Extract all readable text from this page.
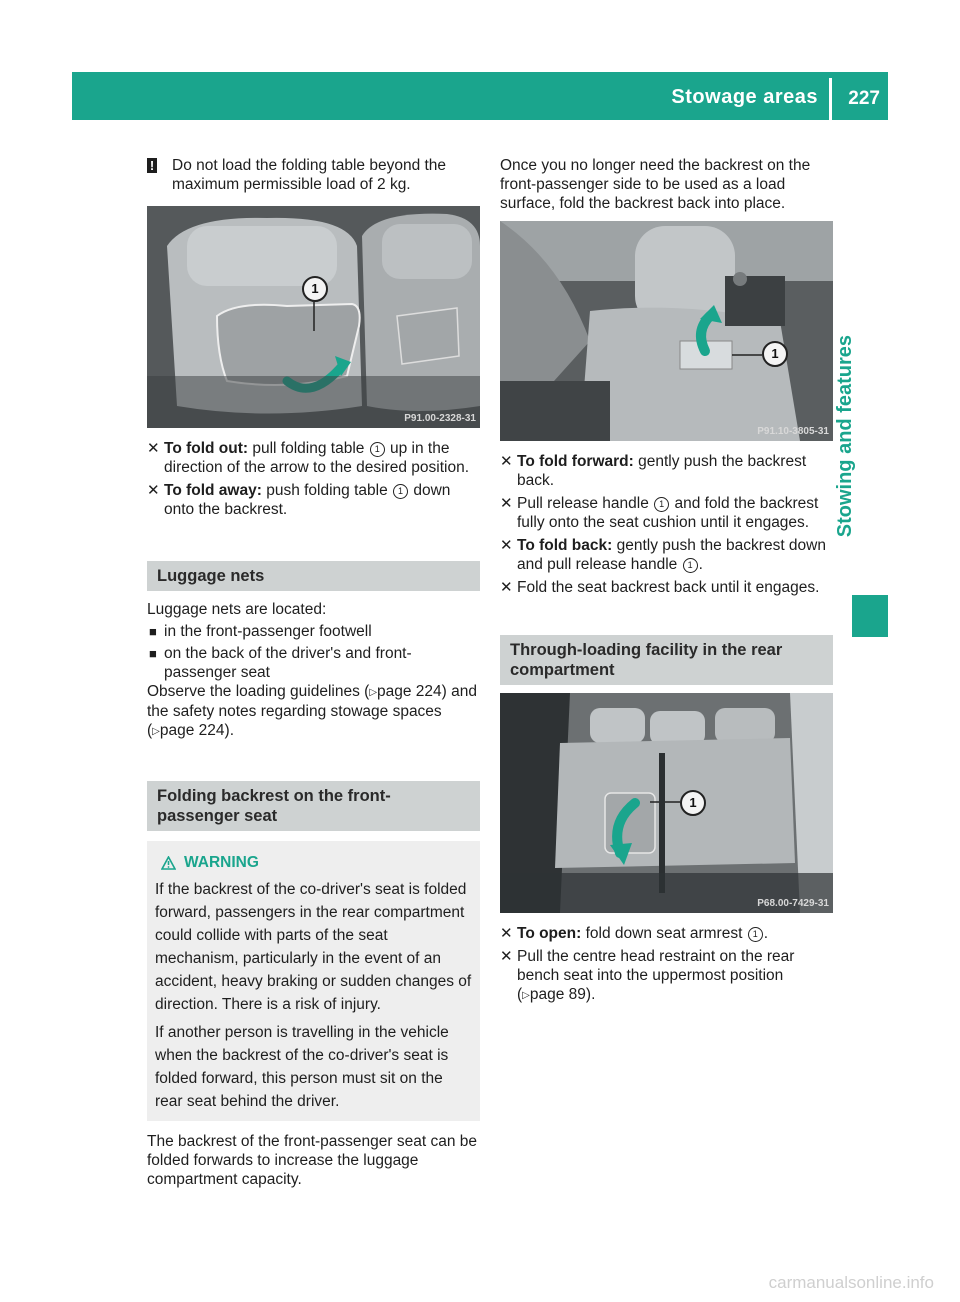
Stowage areas 227
Stowing and features

! Do not load the folding table beyond the maximum permissible load of 2 kg.

1
P91.00-2328-31

✕ To fold out: pull folding table 1 up in the direction of the arrow to the desired position.

✕ To fold away: push folding table 1 down onto the backrest.

Luggage nets

Luggage nets are located:

■ in the front-passenger footwell

■ on the back of the driver's and front-passenger seat

Observe the loading guidelines (▷page 224) and the safety notes regarding stowage spaces (▷page 224).

Folding backrest on the front-passenger seat
WARNING

If the backrest of the co-driver's seat is folded forward, passengers in the rear compartment could collide with parts of the seat mechanism, particularly in the event of an accident, heavy braking or sudden changes of direction. There is a risk of injury.

If another person is travelling in the vehicle when the backrest of the co-driver's seat is folded forward, this person must sit on the rear seat behind the driver.

The backrest of the front-passenger seat can be folded forwards to increase the luggage compartment capacity.

Once you no longer need the backrest on the front-passenger side to be used as a load surface, fold the backrest back into place.

1
P91.10-3805-31

✕ To fold forward: gently push the backrest back.

✕ Pull release handle 1 and fold the backrest fully onto the seat cushion until it engages.

✕ To fold back: gently push the backrest down and pull release handle 1 .

✕ Fold the seat backrest back until it engages.

Through-loading facility in the rear compartment
1
P68.00-7429-31

✕ To open: fold down seat armrest 1 .

✕ Pull the centre head restraint on the rear bench seat into the uppermost position (▷page 89).

carmanualsonline.info
